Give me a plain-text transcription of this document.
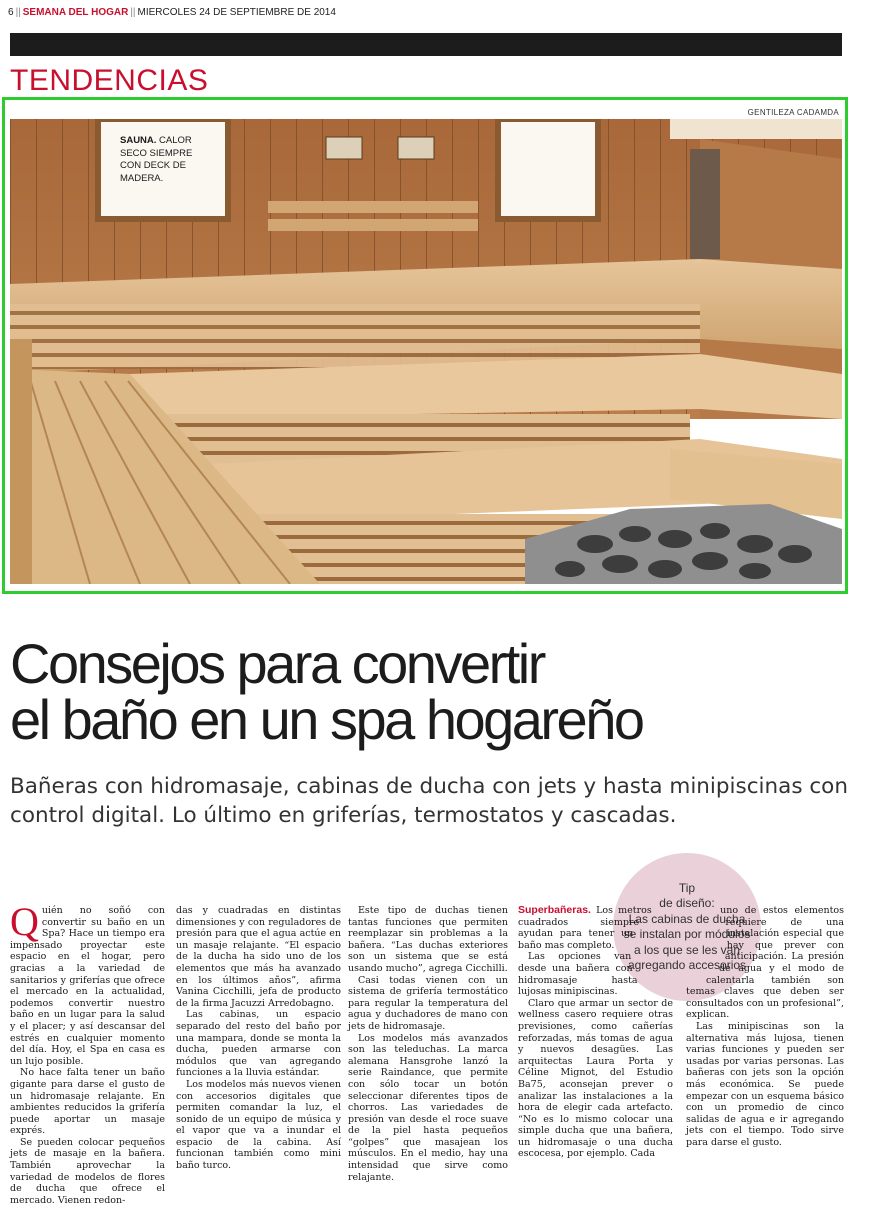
6 || SEMANA DEL HOGAR || MIERCOLES 24 DE SEPTIEMBRE DE 2014
TENDENCIAS
GENTILEZA CADAMDA
SAUNA. CALOR SECO SIEMPRE CON DECK DE MADERA.
Consejos para convertir
el baño en un spa hogareño
Bañeras con hidromasaje, cabinas de ducha con jets y hasta minipiscinas con control digital. Lo último en griferías, termostatos y cascadas.
Tip
de diseño:
Las cabinas de ducha se instalan por módulos a los que se les van agregando accesorios

Quién no soñó con convertir su baño en un Spa? Hace un tiempo era impensado proyectar este espacio en el hogar, pero gracias a la variedad de sanitarios y griferías que ofrece el mercado en la actualidad, podemos convertir nuestro baño en un lugar para la salud y el placer; y así descansar del estrés en cualquier momento del día. Hoy, el Spa en casa es un lujo posible.

No hace falta tener un baño gigante para darse el gusto de un hidromasaje relajante. En ambientes reducidos la grifería puede aportar un masaje exprés.

Se pueden colocar pequeños jets de masaje en la bañera. También aprovechar la variedad de modelos de flores de ducha que ofrece el mercado. Vienen redon-

das y cuadradas en distintas dimensiones y con reguladores de presión para que el agua actúe en un masaje relajante. “El espacio de la ducha ha sido uno de los elementos que más ha avanzado en los últimos años”, afirma Vanina Cicchilli, jefa de producto de la firma Jacuzzi Arredobagno.

Las cabinas, un espacio separado del resto del baño por una mampara, donde se monta la ducha, pueden armarse con módulos que van agregando funciones a la lluvia estándar.

Los modelos más nuevos vienen con accesorios digitales que permiten comandar la luz, el sonido de un equipo de música y el vapor que va a inundar el espacio de la cabina. Así funcionan también como mini baño turco.

Este tipo de duchas tienen tantas funciones que permiten reemplazar sin problemas a la bañera. “Las duchas exteriores son un sistema que se está usando mucho”, agrega Cicchilli.

Casi todas vienen con un sistema de grifería termostático para regular la temperatura del agua y duchadores de mano con jets de hidromasaje.

Los modelos más avanzados son las teleduchas. La marca alemana Hansgrohe lanzó la serie Raindance, que permite con sólo tocar un botón seleccionar diferentes tipos de chorros. Las variedades de presión van desde el roce suave de la piel hasta pequeños “golpes” que masajean los músculos. En el medio, hay una intensidad que sirve como relajante.

Superbañeras. Los metros cuadrados siempre ayudan para tener un baño mas completo.

Las opciones van desde una bañera con hidromasaje hasta lujosas minipiscinas.

Claro que armar un sector de wellness casero requiere otras previsiones, como cañerías reforzadas, más tomas de agua y nuevos desagües. Las arquitectas Laura Porta y Céline Mignot, del Estudio Ba75, aconsejan prever o analizar las instalaciones a la hora de elegir cada artefacto. “No es lo mismo colocar una simple ducha que una bañera, un hidromasaje o una ducha escocesa, por ejemplo. Cada

uno de estos elementos requiere de una instalación especial que hay que prever con anticipación. La presión de agua y el modo de calentarla también son temas claves que deben ser consultados con un profesional”, explican.

Las minipiscinas son la alternativa más lujosa, tienen varias funciones y pueden ser usadas por varias personas. Las bañeras con jets son la opción más económica. Se puede empezar con un esquema básico con un promedio de cinco salidas de agua e ir agregando jets con el tiempo. Todo sirve para darse el gusto.
